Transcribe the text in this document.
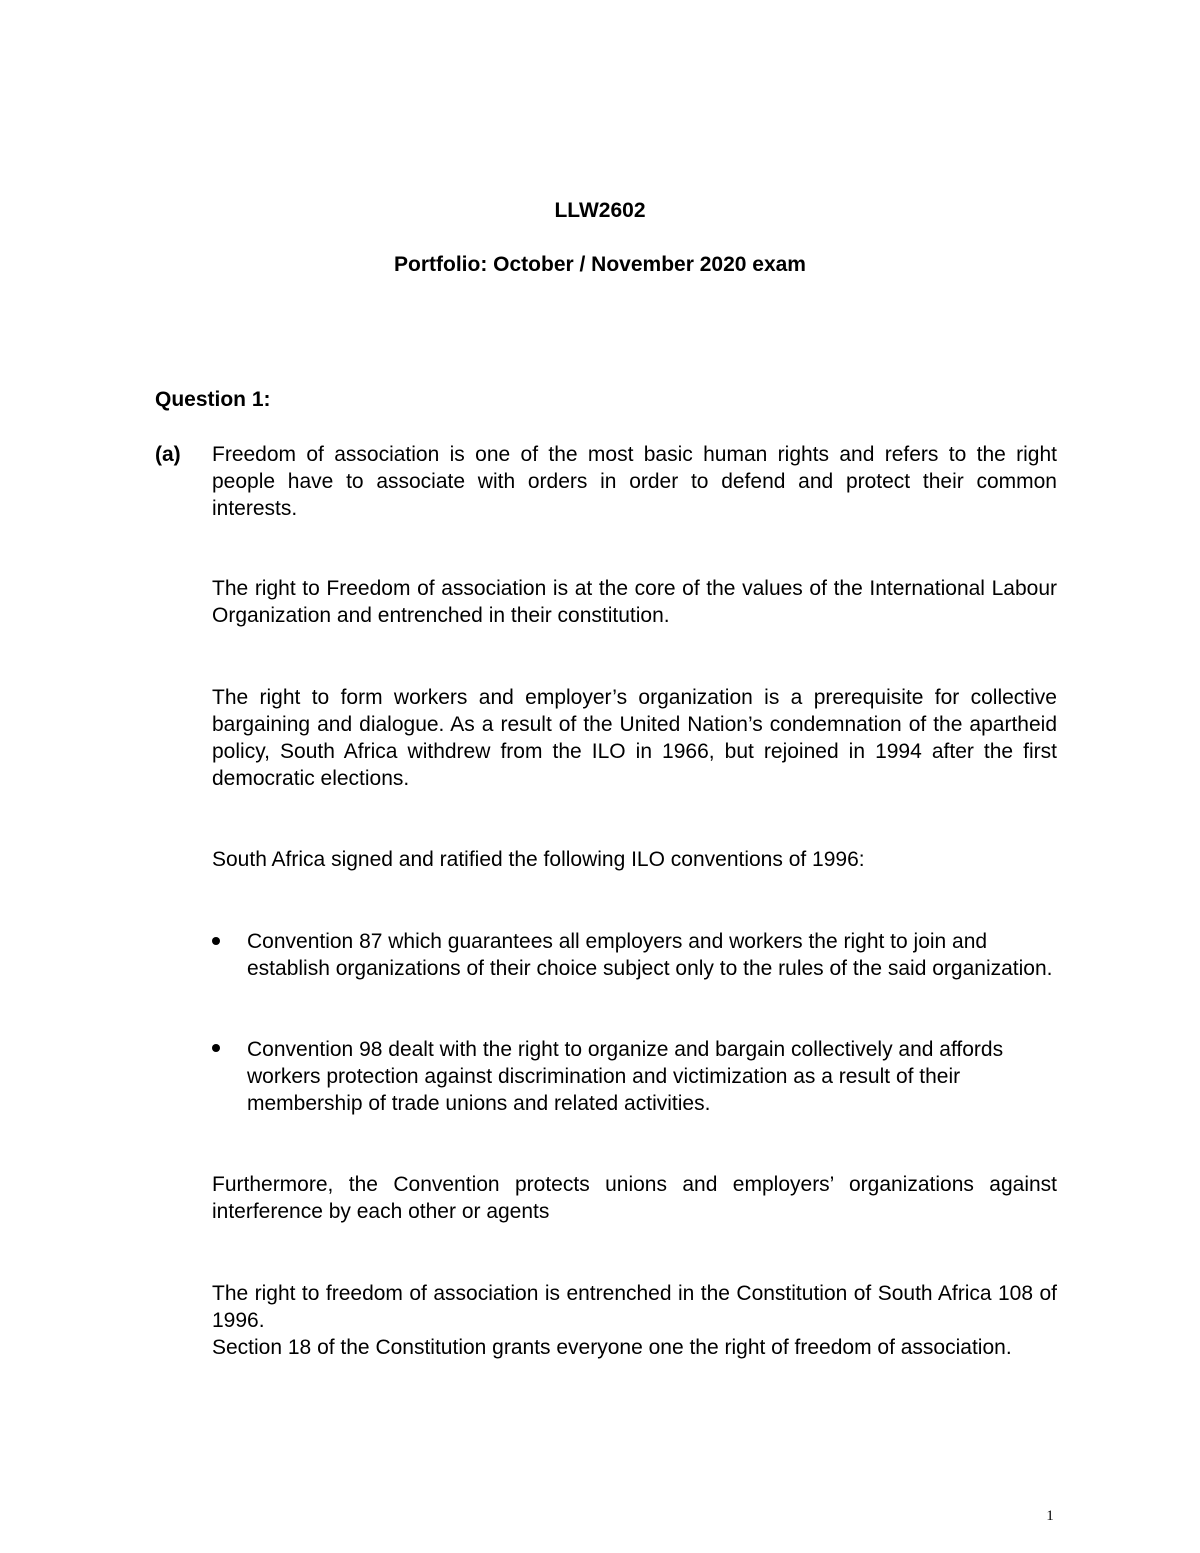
LLW2602
Portfolio: October / November 2020 exam
Question 1:
(a) Freedom of association is one of the most basic human rights and refers to the right people have to associate with orders in order to defend and protect their common interests.

The right to Freedom of association is at the core of the values of the International Labour Organization and entrenched in their constitution.

The right to form workers and employer’s organization is a prerequisite for collective bargaining and dialogue. As a result of the United Nation’s condemnation of the apartheid policy, South Africa withdrew from the ILO in 1966, but rejoined in 1994 after the first democratic elections.

South Africa signed and ratified the following ILO conventions of 1996:

Convention 87 which guarantees all employers and workers the right to join and establish organizations of their choice subject only to the rules of the said organization.

Convention 98 dealt with the right to organize and bargain collectively and affords workers protection against discrimination and victimization as a result of their membership of trade unions and related activities.

Furthermore, the Convention protects unions and employers’ organizations against interference by each other or agents

The right to freedom of association is entrenched in the Constitution of South Africa 108 of 1996.

Section 18 of the Constitution grants everyone one the right of freedom of association.

1
